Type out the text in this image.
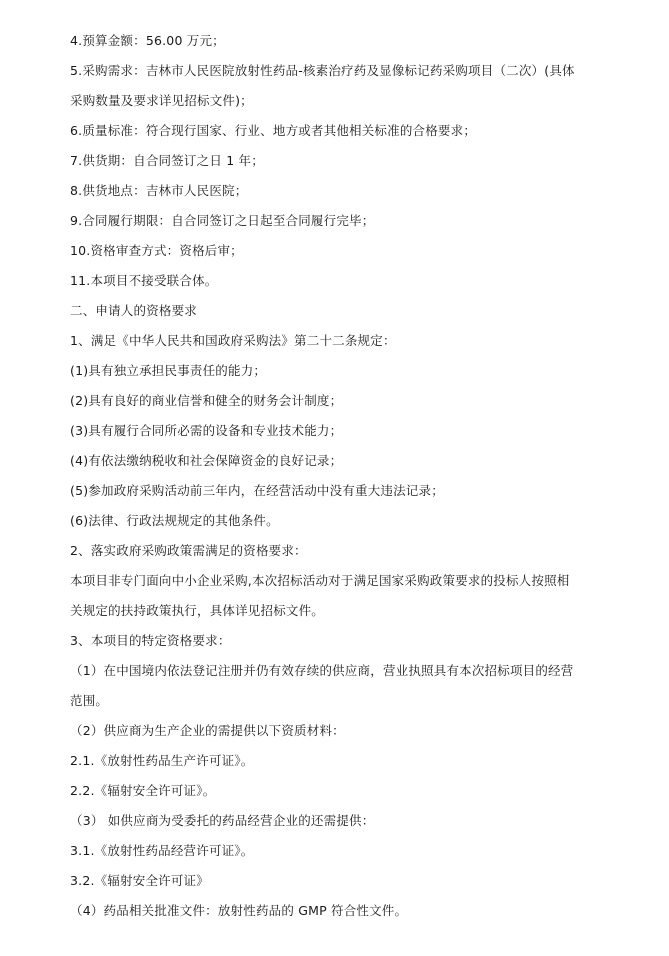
4.预算金额：56.00 万元；
5.采购需求：吉林市人民医院放射性药品-核素治疗药及显像标记药采购项目（二次）(具体
采购数量及要求详见招标文件)；
6.质量标准：符合现行国家、行业、地方或者其他相关标准的合格要求；
7.供货期：自合同签订之日 1 年；
8.供货地点：吉林市人民医院；
9.合同履行期限：自合同签订之日起至合同履行完毕；
10.资格审查方式：资格后审；
11.本项目不接受联合体。
二、申请人的资格要求
1、满足《中华人民共和国政府采购法》第二十二条规定：
(1)具有独立承担民事责任的能力；
(2)具有良好的商业信誉和健全的财务会计制度；
(3)具有履行合同所必需的设备和专业技术能力；
(4)有依法缴纳税收和社会保障资金的良好记录；
(5)参加政府采购活动前三年内，在经营活动中没有重大违法记录；
(6)法律、行政法规规定的其他条件。
2、落实政府采购政策需满足的资格要求：
本项目非专门面向中小企业采购,本次招标活动对于满足国家采购政策要求的投标人按照相
关规定的扶持政策执行，具体详见招标文件。
3、本项目的特定资格要求：
（1）在中国境内依法登记注册并仍有效存续的供应商，营业执照具有本次招标项目的经营
范围。
（2）供应商为生产企业的需提供以下资质材料：
2.1.《放射性药品生产许可证》。
2.2.《辐射安全许可证》。
（3） 如供应商为受委托的药品经营企业的还需提供：
3.1.《放射性药品经营许可证》。
3.2.《辐射安全许可证》
（4）药品相关批准文件：放射性药品的 GMP 符合性文件。
